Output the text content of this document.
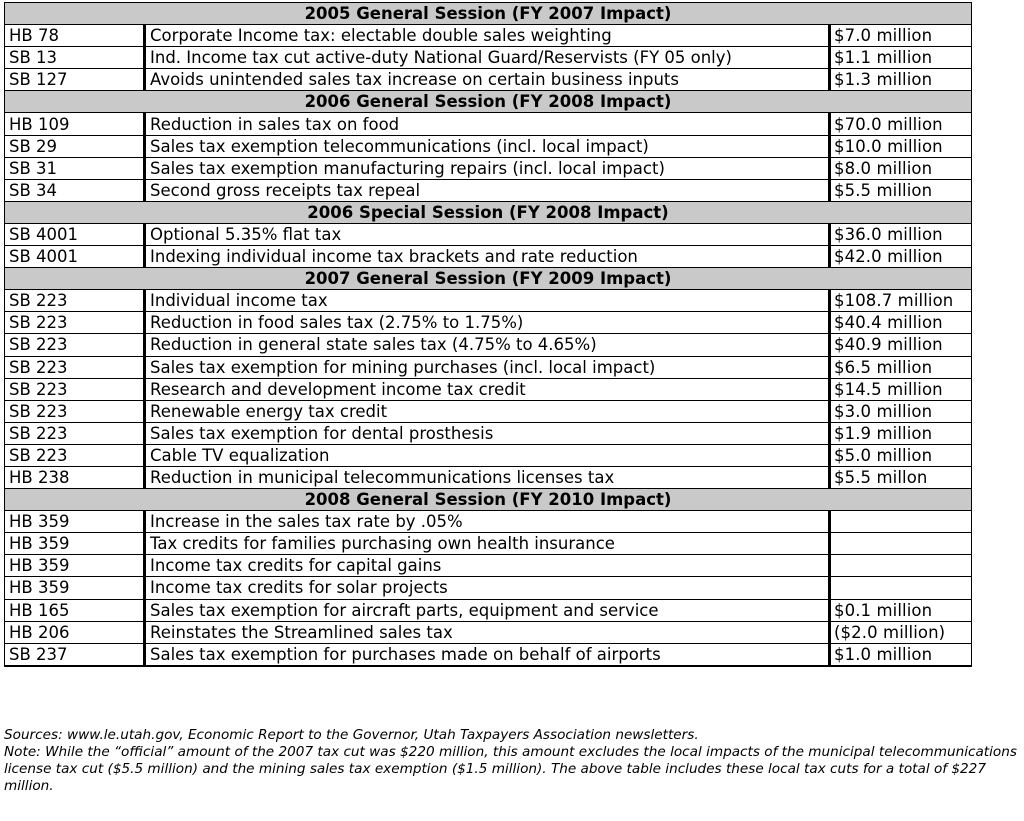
2005 General Session (FY 2007 Impact)		
HB 78	Corporate Income tax: electable double sales weighting	$7.0 million
SB 13	Ind. Income tax cut active-duty National Guard/Reservists (FY 05 only)	$1.1 million
SB 127	Avoids unintended sales tax increase on certain business inputs	$1.3 million
2006 General Session (FY 2008 Impact)		
HB 109	Reduction in sales tax on food	$70.0 million
SB 29	Sales tax exemption telecommunications (incl. local impact)	$10.0 million
SB 31	Sales tax exemption manufacturing repairs (incl. local impact)	$8.0 million
SB 34	Second gross receipts tax repeal	$5.5 million
2006 Special Session (FY 2008 Impact)		
SB 4001	Optional 5.35% flat tax	$36.0 million
SB 4001	Indexing individual income tax brackets and rate reduction	$42.0 million
2007 General Session (FY 2009 Impact)		
SB 223	Individual income tax	$108.7 million
SB 223	Reduction in food sales tax (2.75% to 1.75%)	$40.4 million
SB 223	Reduction in general state sales tax (4.75% to 4.65%)	$40.9 million
SB 223	Sales tax exemption for mining purchases (incl. local impact)	$6.5 million
SB 223	Research and development income tax credit	$14.5 million
SB 223	Renewable energy tax credit	$3.0 million
SB 223	Sales tax exemption for dental prosthesis	$1.9 million
SB 223	Cable TV equalization	$5.0 million
HB 238	Reduction in municipal telecommunications licenses tax	$5.5 millon
2008 General Session (FY 2010 Impact)		
HB 359	Increase in the sales tax rate by .05%	
HB 359	Tax credits for families purchasing own health insurance	
HB 359	Income tax credits for capital gains	
HB 359	Income tax credits for solar projects	
HB 165	Sales tax exemption for aircraft parts, equipment and service	$0.1 million
HB 206	Reinstates the Streamlined sales tax	($2.0 million)
SB 237	Sales tax exemption for purchases made on behalf of airports	$1.0 million

Sources: www.le.utah.gov, Economic Report to the Governor, Utah Taxpayers Association newsletters.

Note: While the “official” amount of the 2007 tax cut was $220 million, this amount excludes the local impacts of the municipal telecommunications license tax cut ($5.5 million) and the mining sales tax exemption ($1.5 million). The above table includes these local tax cuts for a total of $227 million.
